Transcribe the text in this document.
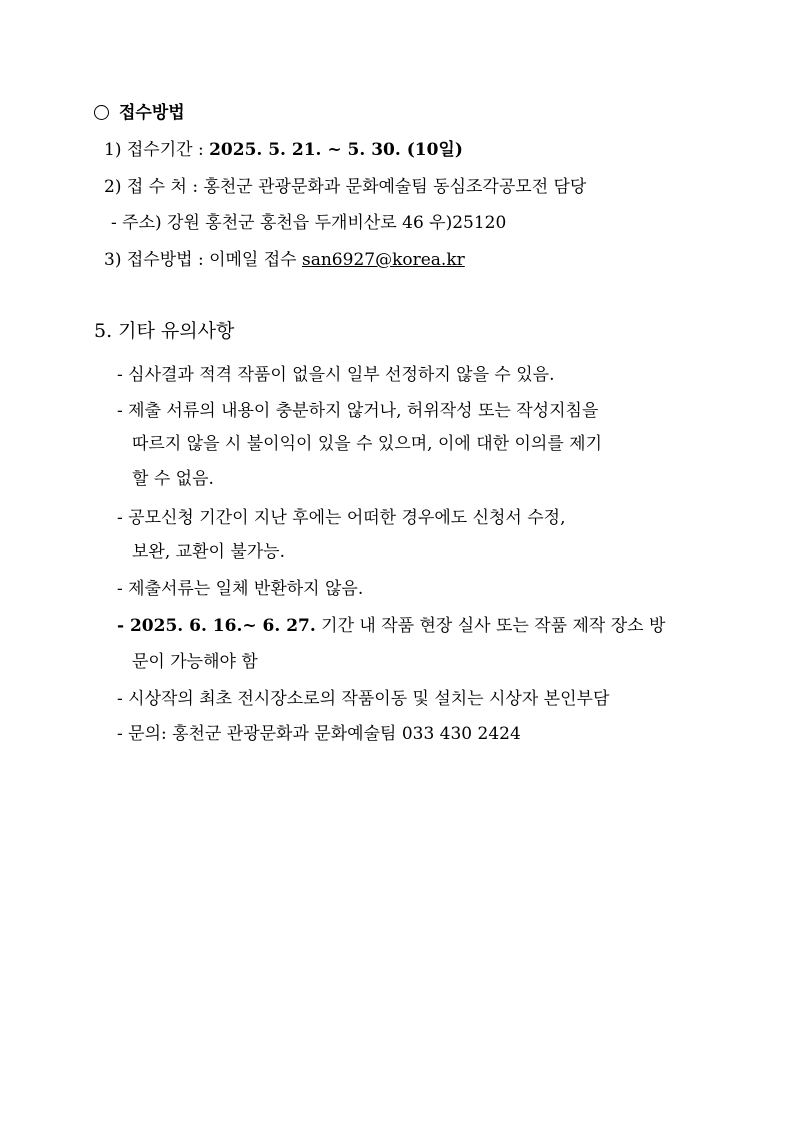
접수방법
1) 접수기간 : 2025. 5. 21. ~ 5. 30. (10일)
2) 접 수 처 : 홍천군 관광문화과 문화예술팀 동심조각공모전 담당
- 주소) 강원 홍천군 홍천읍 두개비산로 46 우)25120
3) 접수방법 : 이메일 접수 san6927@korea.kr
5. 기타 유의사항
- 심사결과 적격 작품이 없을시 일부 선정하지 않을 수 있음.
- 제출 서류의 내용이 충분하지 않거나, 허위작성 또는 작성지침을
따르지 않을 시 불이익이 있을 수 있으며, 이에 대한 이의를 제기
할 수 없음.
- 공모신청 기간이 지난 후에는 어떠한 경우에도 신청서 수정,
보완, 교환이 불가능.
- 제출서류는 일체 반환하지 않음.
- 2025. 6. 16.~ 6. 27. 기간 내 작품 현장 실사 또는 작품 제작 장소 방
문이 가능해야 함
- 시상작의 최초 전시장소로의 작품이동 및 설치는 시상자 본인부담
- 문의: 홍천군 관광문화과 문화예술팀 033 430 2424
